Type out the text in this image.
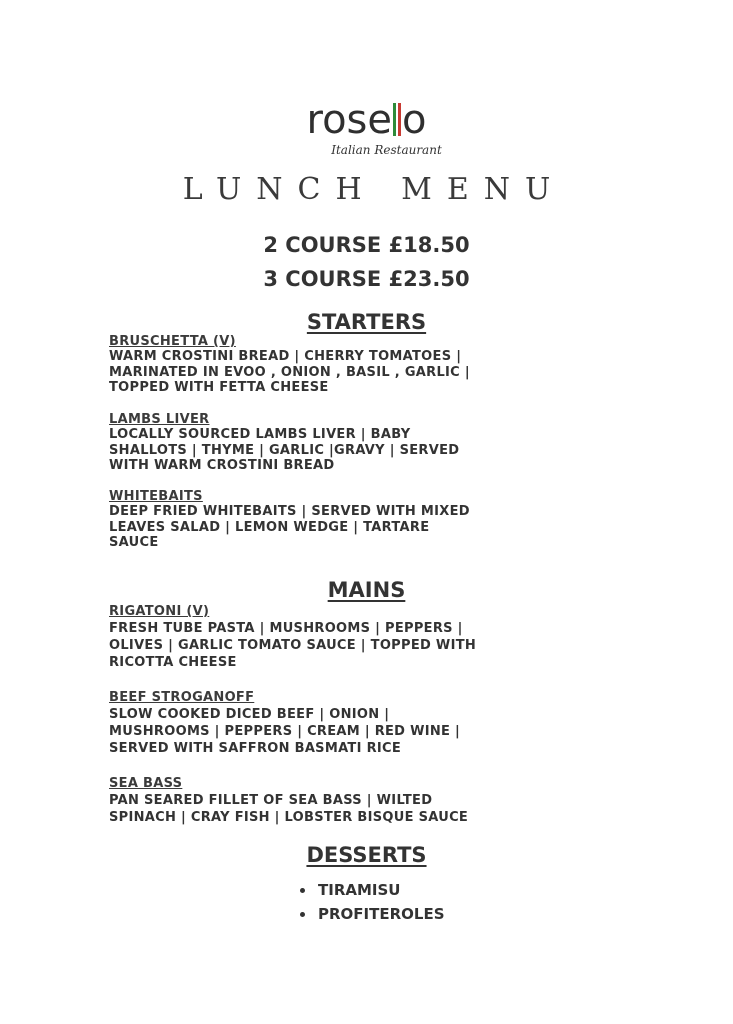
rose o
Italian Restaurant
LUNCH MENU
2 COURSE £18.50
3 COURSE £23.50
STARTERS
BRUSCHETTA (V)
WARM CROSTINI BREAD | CHERRY TOMATOES |
MARINATED IN EVOO , ONION , BASIL , GARLIC |
TOPPED WITH FETTA CHEESE
LAMBS LIVER
LOCALLY SOURCED LAMBS LIVER | BABY
SHALLOTS | THYME | GARLIC |GRAVY | SERVED
WITH WARM CROSTINI BREAD
WHITEBAITS
DEEP FRIED WHITEBAITS | SERVED WITH MIXED
LEAVES SALAD | LEMON WEDGE | TARTARE
SAUCE
MAINS
RIGATONI (V)
FRESH TUBE PASTA | MUSHROOMS | PEPPERS |
OLIVES | GARLIC TOMATO SAUCE | TOPPED WITH
RICOTTA CHEESE
BEEF STROGANOFF
SLOW COOKED DICED BEEF | ONION |
MUSHROOMS | PEPPERS | CREAM | RED WINE |
SERVED WITH SAFFRON BASMATI RICE
SEA BASS
PAN SEARED FILLET OF SEA BASS | WILTED
SPINACH | CRAY FISH | LOBSTER BISQUE SAUCE
DESSERTS
TIRAMISU
PROFITEROLES
